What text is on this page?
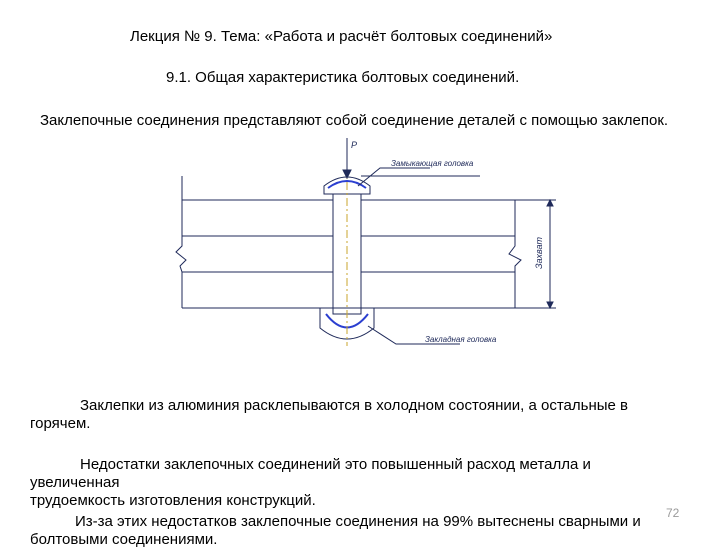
Лекция № 9. Тема: «Работа и расчёт болтовых соединений»
9.1. Общая характеристика болтовых соединений.
Заклепочные соединения представляют собой соединение деталей с помощью заклепок.
P
Замыкающая головка
Закладная головка
Захват
Заклепки из алюминия расклепываются в холодном состоянии, а остальные в
горячем.
Недостатки заклепочных соединений это повышенный расход металла и
увеличенная
трудоемкость изготовления конструкций.
Из-за этих недостатков заклепочные соединения на 99% вытеснены сварными и
болтовыми соединениями.
72
